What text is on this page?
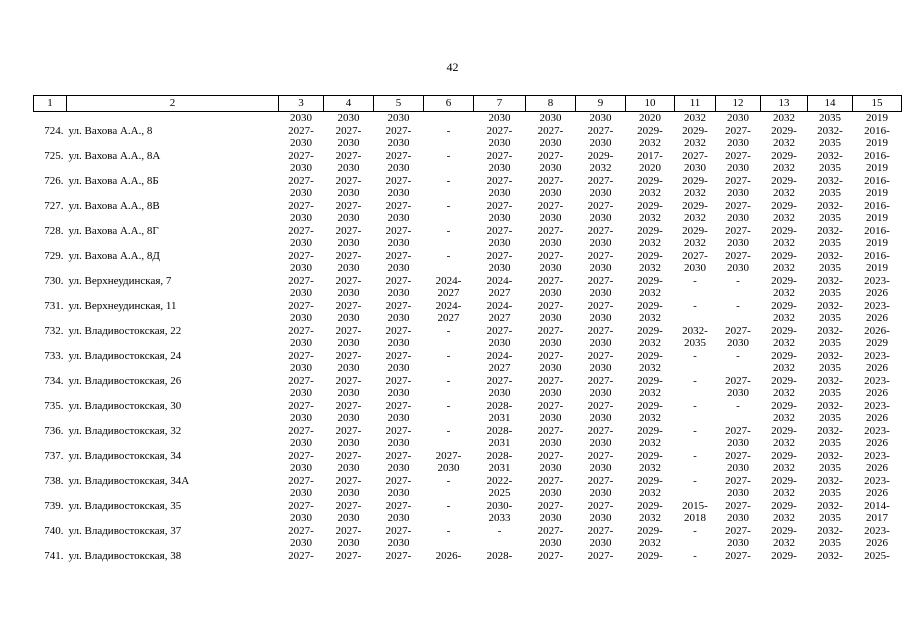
42
1	2	3	4	5	6	7	8	9	10	11	12	13	14	15
		2030	2030	2030		2030	2030	2030	2020	2032	2030	2032	2035	2019
724.	ул. Вахова А.А., 8	2027-	2027-	2027-	-	2027-	2027-	2027-	2029-	2029-	2027-	2029-	2032-	2016-
		2030	2030	2030		2030	2030	2030	2032	2032	2030	2032	2035	2019
725.	ул. Вахова А.А., 8А	2027-	2027-	2027-	-	2027-	2027-	2029-	2017-	2027-	2027-	2029-	2032-	2016-
		2030	2030	2030		2030	2030	2032	2020	2030	2030	2032	2035	2019
726.	ул. Вахова А.А., 8Б	2027-	2027-	2027-	-	2027-	2027-	2027-	2029-	2029-	2027-	2029-	2032-	2016-
		2030	2030	2030		2030	2030	2030	2032	2032	2030	2032	2035	2019
727.	ул. Вахова А.А., 8В	2027-	2027-	2027-	-	2027-	2027-	2027-	2029-	2029-	2027-	2029-	2032-	2016-
		2030	2030	2030		2030	2030	2030	2032	2032	2030	2032	2035	2019
728.	ул. Вахова А.А., 8Г	2027-	2027-	2027-	-	2027-	2027-	2027-	2029-	2029-	2027-	2029-	2032-	2016-
		2030	2030	2030		2030	2030	2030	2032	2032	2030	2032	2035	2019
729.	ул. Вахова А.А., 8Д	2027-	2027-	2027-	-	2027-	2027-	2027-	2029-	2027-	2027-	2029-	2032-	2016-
		2030	2030	2030		2030	2030	2030	2032	2030	2030	2032	2035	2019
730.	ул. Верхнеудинская, 7	2027-	2027-	2027-	2024-	2024-	2027-	2027-	2029-	-	-	2029-	2032-	2023-
		2030	2030	2030	2027	2027	2030	2030	2032			2032	2035	2026
731.	ул. Верхнеудинская, 11	2027-	2027-	2027-	2024-	2024-	2027-	2027-	2029-	-	-	2029-	2032-	2023-
		2030	2030	2030	2027	2027	2030	2030	2032			2032	2035	2026
732.	ул. Владивостокская, 22	2027-	2027-	2027-	-	2027-	2027-	2027-	2029-	2032-	2027-	2029-	2032-	2026-
		2030	2030	2030		2030	2030	2030	2032	2035	2030	2032	2035	2029
733.	ул. Владивостокская, 24	2027-	2027-	2027-	-	2024-	2027-	2027-	2029-	-	-	2029-	2032-	2023-
		2030	2030	2030		2027	2030	2030	2032			2032	2035	2026
734.	ул. Владивостокская, 26	2027-	2027-	2027-	-	2027-	2027-	2027-	2029-	-	2027-	2029-	2032-	2023-
		2030	2030	2030		2030	2030	2030	2032		2030	2032	2035	2026
735.	ул. Владивостокская, 30	2027-	2027-	2027-	-	2028-	2027-	2027-	2029-	-	-	2029-	2032-	2023-
		2030	2030	2030		2031	2030	2030	2032			2032	2035	2026
736.	ул. Владивостокская, 32	2027-	2027-	2027-	-	2028-	2027-	2027-	2029-	-	2027-	2029-	2032-	2023-
		2030	2030	2030		2031	2030	2030	2032		2030	2032	2035	2026
737.	ул. Владивостокская, 34	2027-	2027-	2027-	2027-	2028-	2027-	2027-	2029-	-	2027-	2029-	2032-	2023-
		2030	2030	2030	2030	2031	2030	2030	2032		2030	2032	2035	2026
738.	ул. Владивостокская, 34А	2027-	2027-	2027-	-	2022-	2027-	2027-	2029-	-	2027-	2029-	2032-	2023-
		2030	2030	2030		2025	2030	2030	2032		2030	2032	2035	2026
739.	ул. Владивостокская, 35	2027-	2027-	2027-	-	2030-	2027-	2027-	2029-	2015-	2027-	2029-	2032-	2014-
		2030	2030	2030		2033	2030	2030	2032	2018	2030	2032	2035	2017
740.	ул. Владивостокская, 37	2027-	2027-	2027-	-	-	2027-	2027-	2029-	-	2027-	2029-	2032-	2023-
		2030	2030	2030			2030	2030	2032		2030	2032	2035	2026
741.	ул. Владивостокская, 38	2027-	2027-	2027-	2026-	2028-	2027-	2027-	2029-	-	2027-	2029-	2032-	2025-
